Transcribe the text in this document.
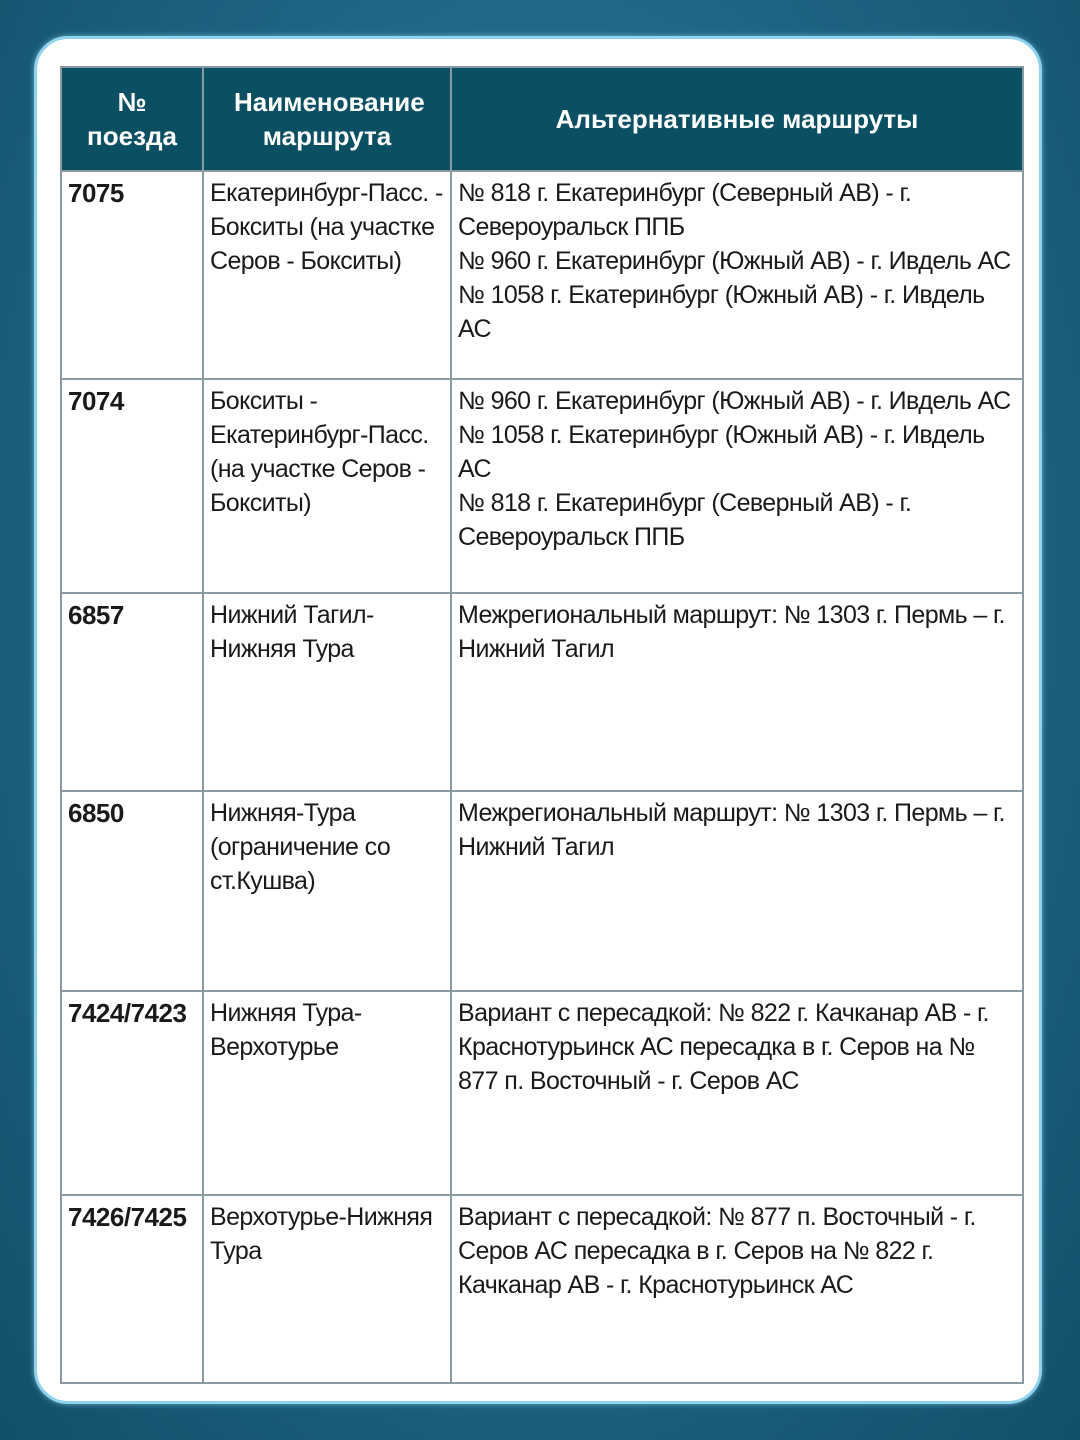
№ поезда	Наименование маршрута	Альтернативные маршруты
7075	Екатеринбург-Пасс. - Бокситы (на участке Серов - Бокситы)	№ 818 г. Екатеринбург (Северный АВ) - г. Североуральск ППБ
№ 960 г. Екатеринбург (Южный АВ) - г. Ивдель АС
№ 1058 г. Екатеринбург (Южный АВ) - г. Ивдель АС

7074	Бокситы - Екатеринбург-Пасс. (на участке Серов - Бокситы)	№ 960 г. Екатеринбург (Южный АВ) - г. Ивдель АС
№ 1058 г. Екатеринбург (Южный АВ) - г. Ивдель АС
№ 818 г. Екатеринбург (Северный АВ) - г. Североуральск ППБ

6857	Нижний Тагил-Нижняя Тура	Межрегиональный маршрут: № 1303 г. Пермь – г. Нижний Тагил

6850	Нижняя-Тура (ограничение со ст.Кушва)	Межрегиональный маршрут: № 1303 г. Пермь – г. Нижний Тагил

7424/7423	Нижняя Тура-Верхотурье	Вариант с пересадкой: № 822 г. Качканар АВ - г. Краснотурьинск АС пересадка в г. Серов на № 877 п. Восточный - г. Серов АС

7426/7425	Верхотурье-Нижняя Тура	Вариант с пересадкой: № 877 п. Восточный - г. Серов АС пересадка в г. Серов на № 822 г. Качканар АВ - г. Краснотурьинск АС
